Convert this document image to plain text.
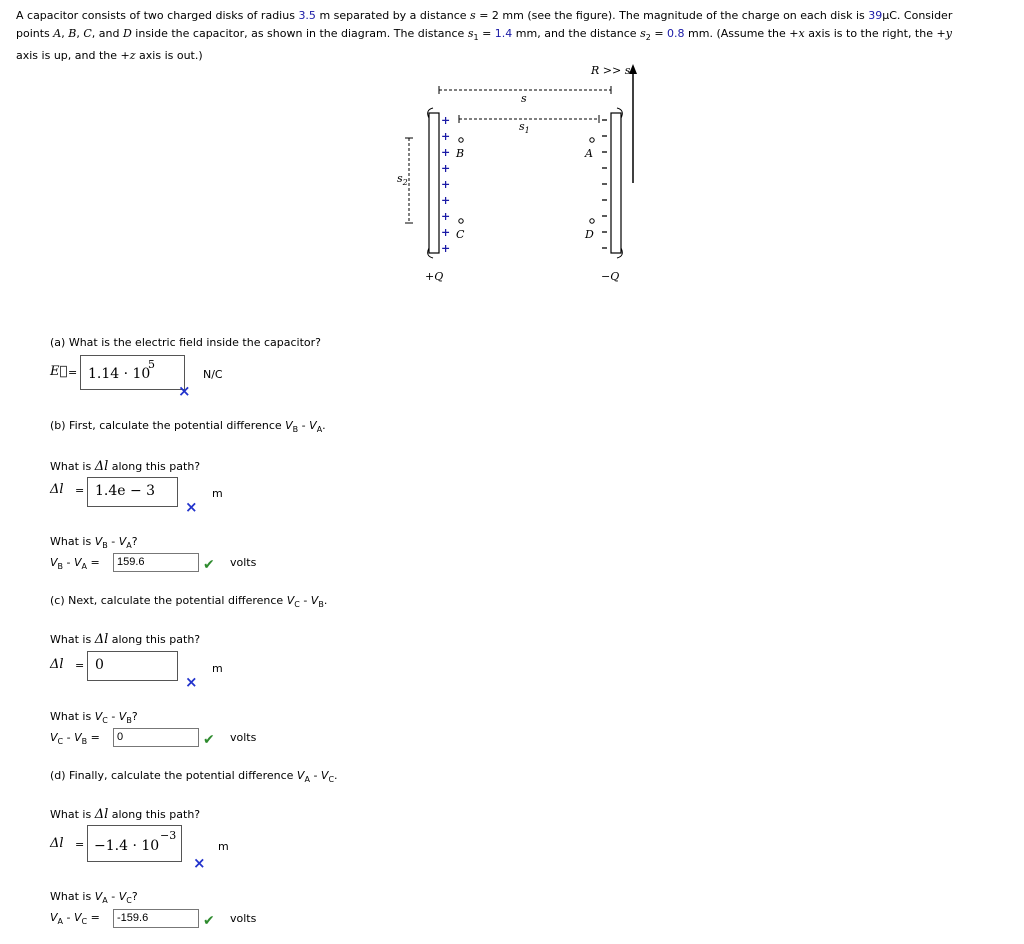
A capacitor consists of two charged disks of radius 3.5 m separated by a distance s = 2 mm (see the figure). The magnitude of the charge on each disk is 39µC. Consider
points A, B, C, and D inside the capacitor, as shown in the diagram. The distance $s_1 = 1.4$ mm, and the distance $s_2 = 0.8$ mm. (Assume the +x axis is to the right, the +y
axis is up, and the +z axis is out.)
R >> s
s
$s_1$
$s_2$
+
+
+
+
+
+
+
+
+
B	A
C	D
+Q	−Q
(a) What is the electric field inside the capacitor?
E = 1.14 · 10
5
N/C
×
(b) First, calculate the potential difference $V_B - V_A$.
What is Δl along this path?
Δl = 1.4e − 3	m
×
What is $V_B - V_A$?
$V_B - V_A$ =	159.6	✔ volts
(c) Next, calculate the potential difference $V_C - V_B$.
What is Δl along this path?
Δl = 0	m
×
What is $V_C - V_B$?
$V_C - V_B$ =	0	✔ volts
(d) Finally, calculate the potential difference $V_A - V_C$.
What is Δl along this path?
Δl = −1.4 · 10
−3
m
×
What is $V_A - V_C$?
$V_A - V_C$ =	-159.6	✔ volts
